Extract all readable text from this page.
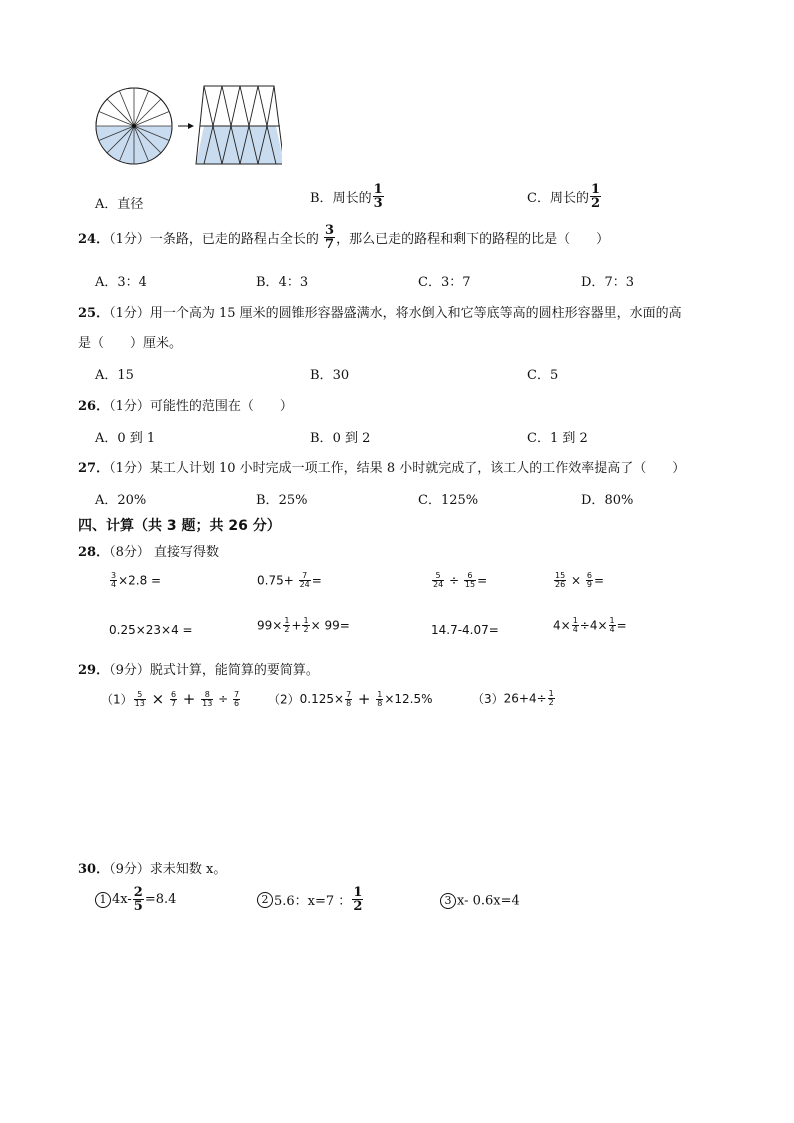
A．直径	B．周长的 $\frac{1}{3}$	C．周长的 $\frac{1}{2}$
24．（1分）一条路，已走的路程占全长的 $\frac{3}{7}$ ，那么已走的路程和剩下的路程的比是（　　）
A．3：4	B．4：3	C．3：7	D．7：3
25．（1分）用一个高为 15 厘米的圆锥形容器盛满水，将水倒入和它等底等高的圆柱形容器里，水面的高
是（　　）厘米。
A．15	B．30	C．5
26．（1分）可能性的范围在（　　）
A．0 到 1	B．0 到 2	C．1 到 2
27．（1分）某工人计划 10 小时完成一项工作，结果 8 小时就完成了，该工人的工作效率提高了（　　）
A．20%	B．25%	C．125%	D．80%
四、计算（共 3 题；共 26 分）
28．（8分） 直接写得数
$\frac{3}{4} \times 2.8$ =	$0.75+ \frac{7}{24}$ =	$\frac{5}{24} \div \frac{6}{15}$ =	$\frac{15}{26} \times \frac{6}{9}$ =
0.25×23×4 =	$99\times \frac{1}{2} + \frac{1}{2} \times 99=$	14.7-4.07=	$4\times \frac{1}{4} \div 4\times \frac{1}{4}$ =
29．（9分）脱式计算，能简算的要简算。
$(1) \frac{5}{13} \times \frac{6}{7} + \frac{8}{13} \div \frac{7}{6} (2)0.125\times \frac{7}{8} + \frac{1}{8} \times 12.5\%$	$(3)26+4\div \frac{1}{2}$
30．（9分）求未知数 x。
1 $4x- \frac{2}{5} =8.4$	2 5.6：x=7 ： $\frac{1}{2}$	3 x- 0.6x=4
